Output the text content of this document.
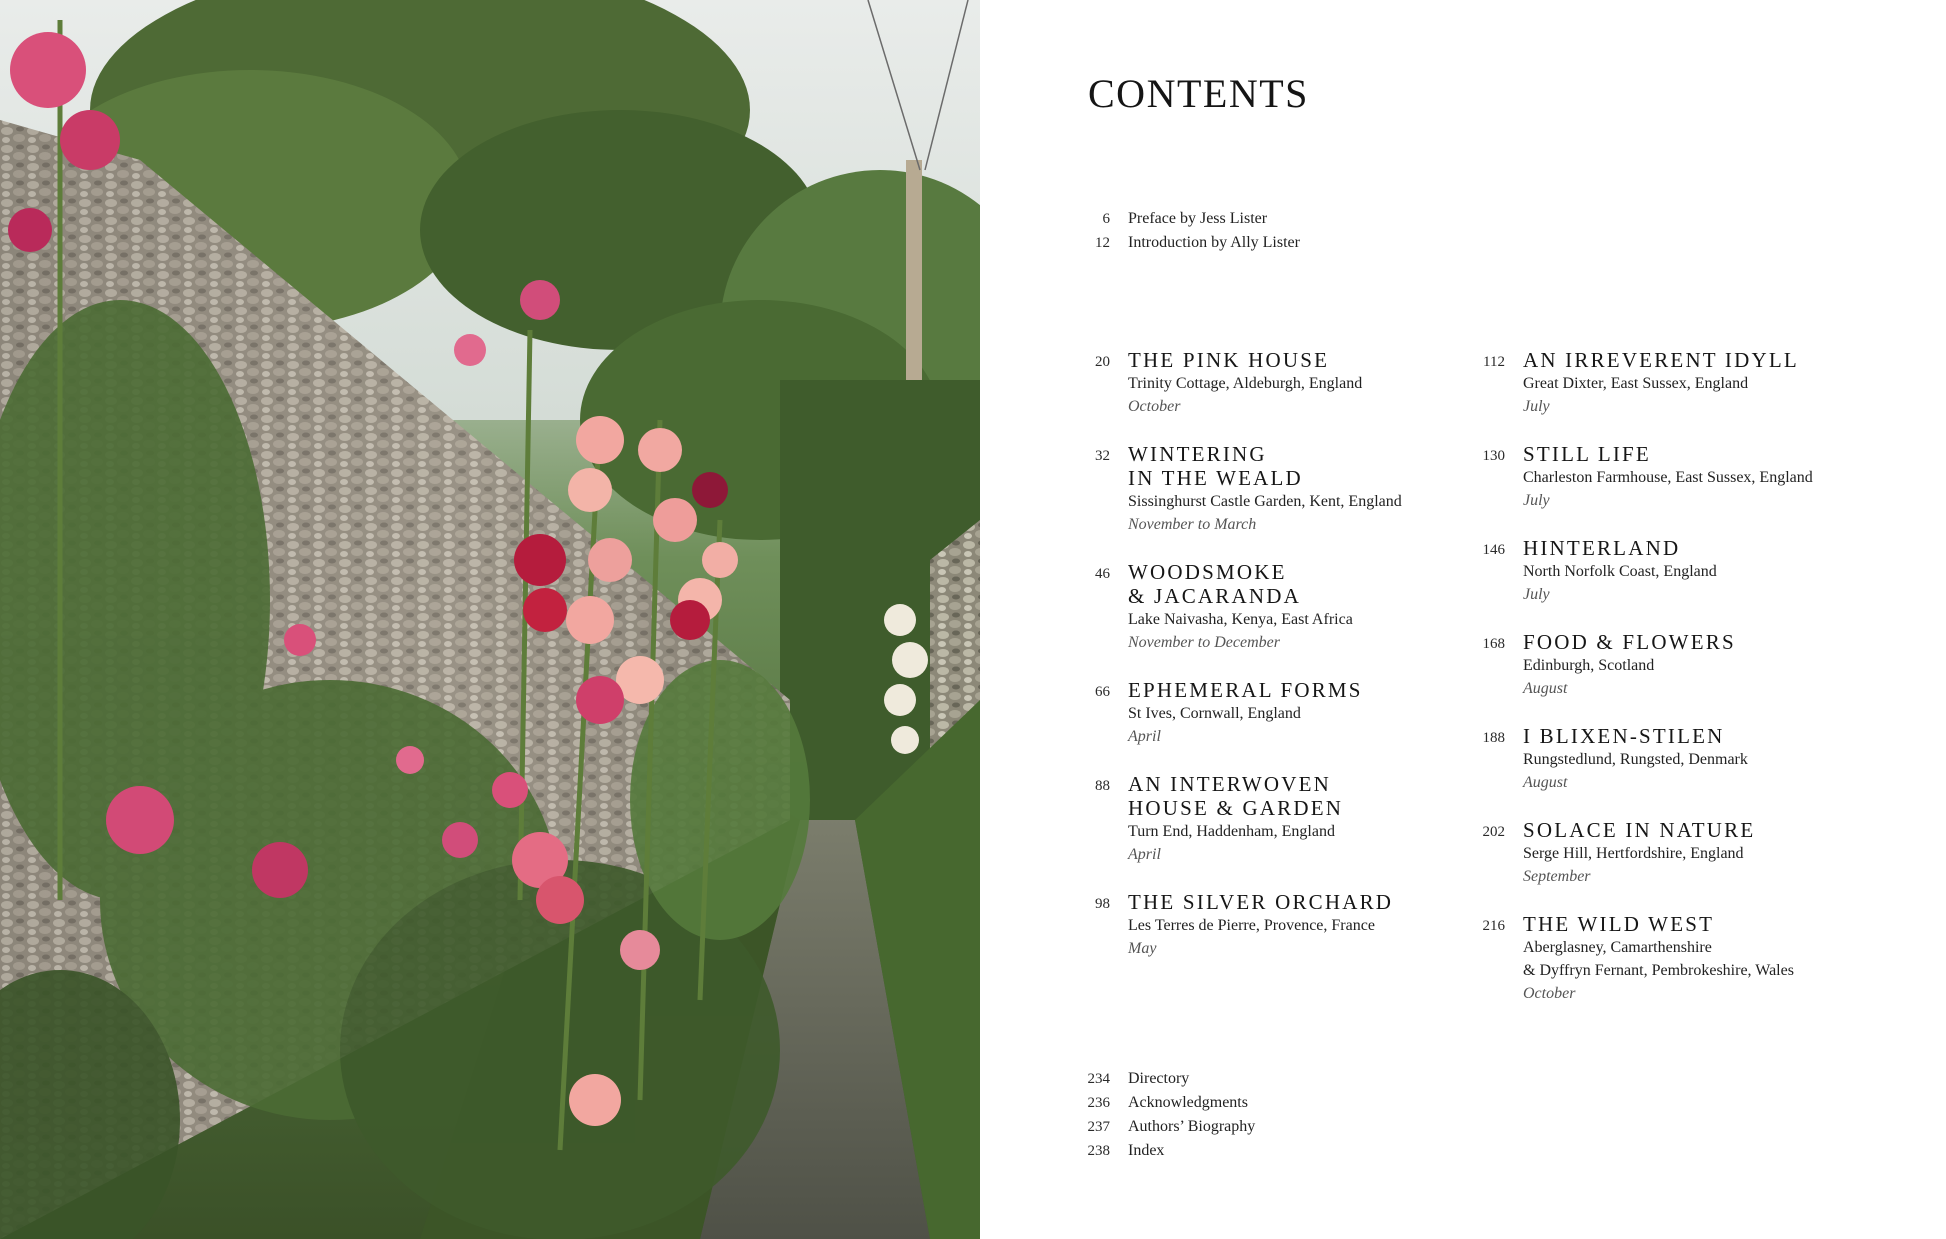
CONTENTS
6 Preface by Jess Lister
12 Introduction by Ally Lister
20 THE PINK HOUSE
Trinity Cottage, Aldeburgh, England
October
32 WINTERING
IN THE WEALD
Sissinghurst Castle Garden, Kent, England
November to March
46 WOODSMOKE
& JACARANDA
Lake Naivasha, Kenya, East Africa
November to December
66 EPHEMERAL FORMS
St Ives, Cornwall, England
April
88 AN INTERWOVEN
HOUSE & GARDEN
Turn End, Haddenham, England
April
98 THE SILVER ORCHARD
Les Terres de Pierre, Provence, France
May
112 AN IRREVERENT IDYLL
Great Dixter, East Sussex, England
July
130 STILL LIFE
Charleston Farmhouse, East Sussex, England
July
146 HINTERLAND
North Norfolk Coast, England
July
168 FOOD & FLOWERS
Edinburgh, Scotland
August
188 I BLIXEN-STILEN
Rungstedlund, Rungsted, Denmark
August
202 SOLACE IN NATURE
Serge Hill, Hertfordshire, England
September
216 THE WILD WEST
Aberglasney, Camarthenshire
& Dyffryn Fernant, Pembrokeshire, Wales
October
234 Directory
236 Acknowledgments
237 Authors’ Biography
238 Index
